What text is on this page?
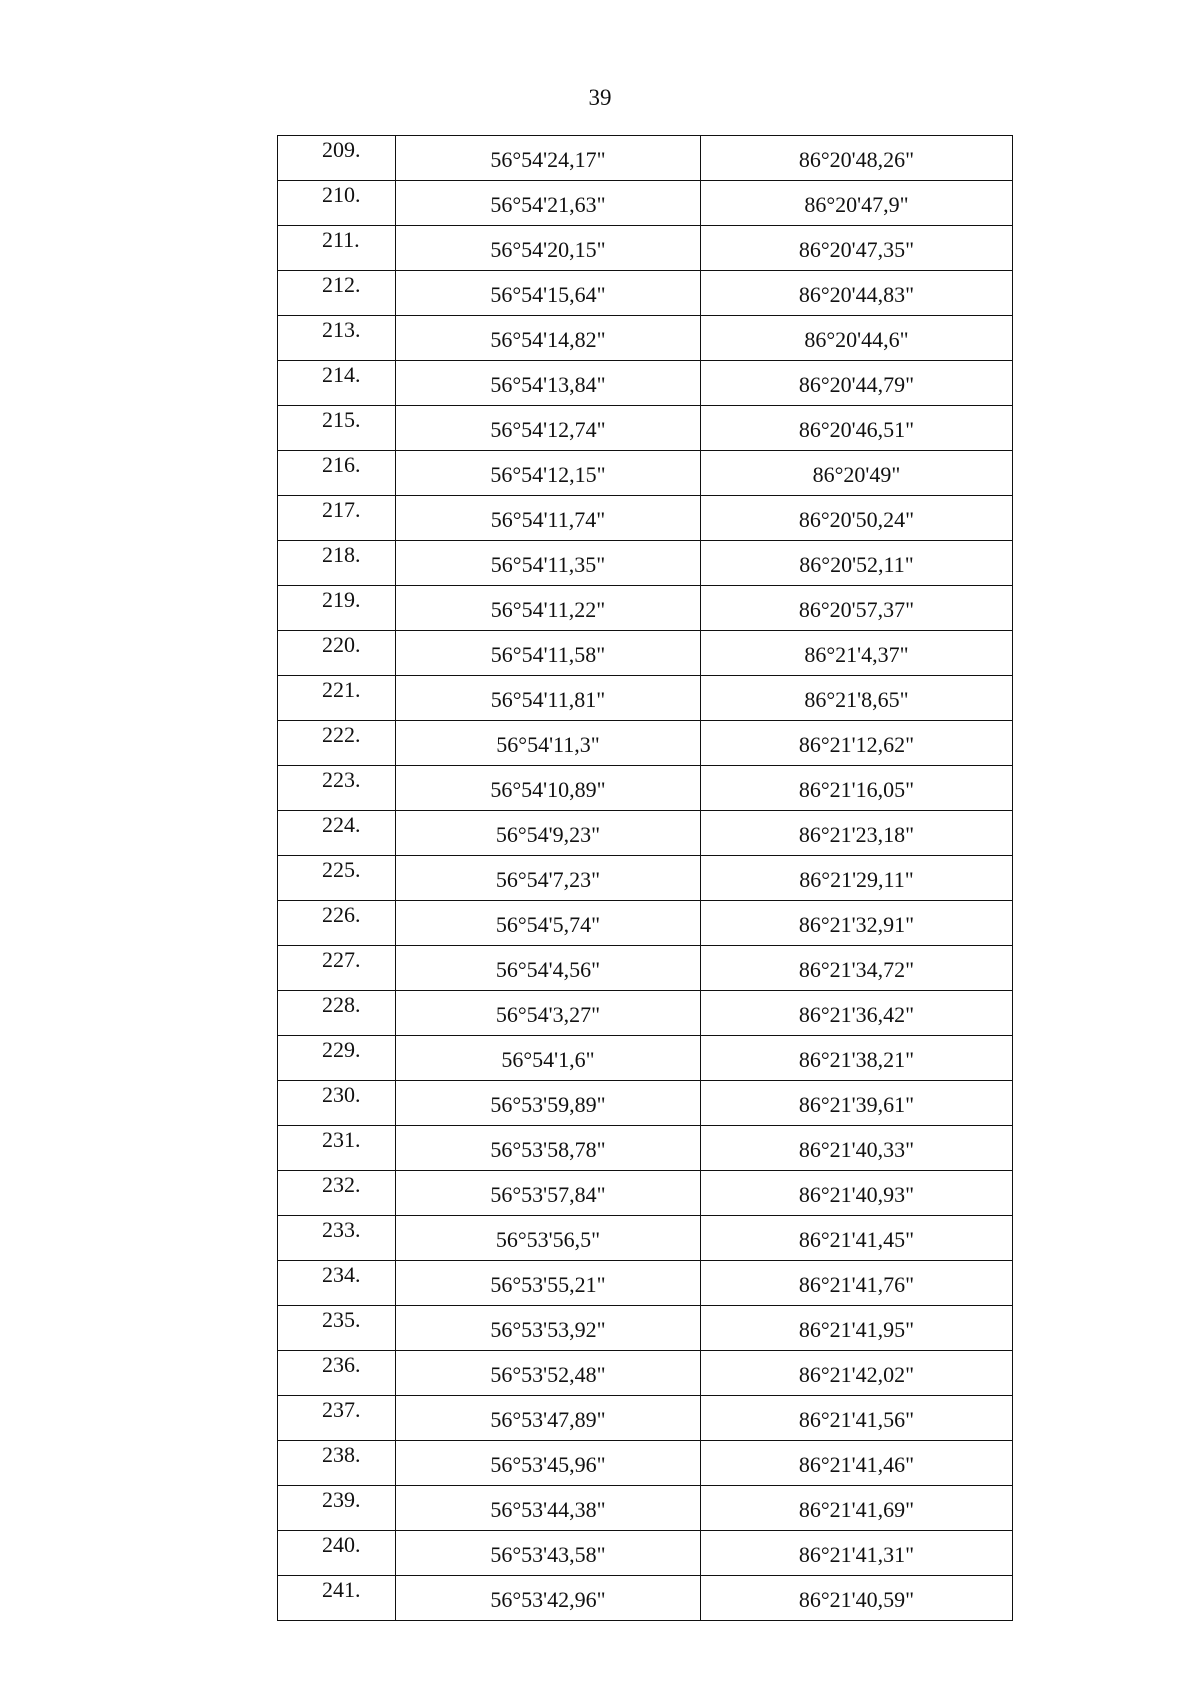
39
209.	56°54'24,17"	86°20'48,26"
210.	56°54'21,63"	86°20'47,9"
211.	56°54'20,15"	86°20'47,35"
212.	56°54'15,64"	86°20'44,83"
213.	56°54'14,82"	86°20'44,6"
214.	56°54'13,84"	86°20'44,79"
215.	56°54'12,74"	86°20'46,51"
216.	56°54'12,15"	86°20'49"
217.	56°54'11,74"	86°20'50,24"
218.	56°54'11,35"	86°20'52,11"
219.	56°54'11,22"	86°20'57,37"
220.	56°54'11,58"	86°21'4,37"
221.	56°54'11,81"	86°21'8,65"
222.	56°54'11,3"	86°21'12,62"
223.	56°54'10,89"	86°21'16,05"
224.	56°54'9,23"	86°21'23,18"
225.	56°54'7,23"	86°21'29,11"
226.	56°54'5,74"	86°21'32,91"
227.	56°54'4,56"	86°21'34,72"
228.	56°54'3,27"	86°21'36,42"
229.	56°54'1,6"	86°21'38,21"
230.	56°53'59,89"	86°21'39,61"
231.	56°53'58,78"	86°21'40,33"
232.	56°53'57,84"	86°21'40,93"
233.	56°53'56,5"	86°21'41,45"
234.	56°53'55,21"	86°21'41,76"
235.	56°53'53,92"	86°21'41,95"
236.	56°53'52,48"	86°21'42,02"
237.	56°53'47,89"	86°21'41,56"
238.	56°53'45,96"	86°21'41,46"
239.	56°53'44,38"	86°21'41,69"
240.	56°53'43,58"	86°21'41,31"
241.	56°53'42,96"	86°21'40,59"
